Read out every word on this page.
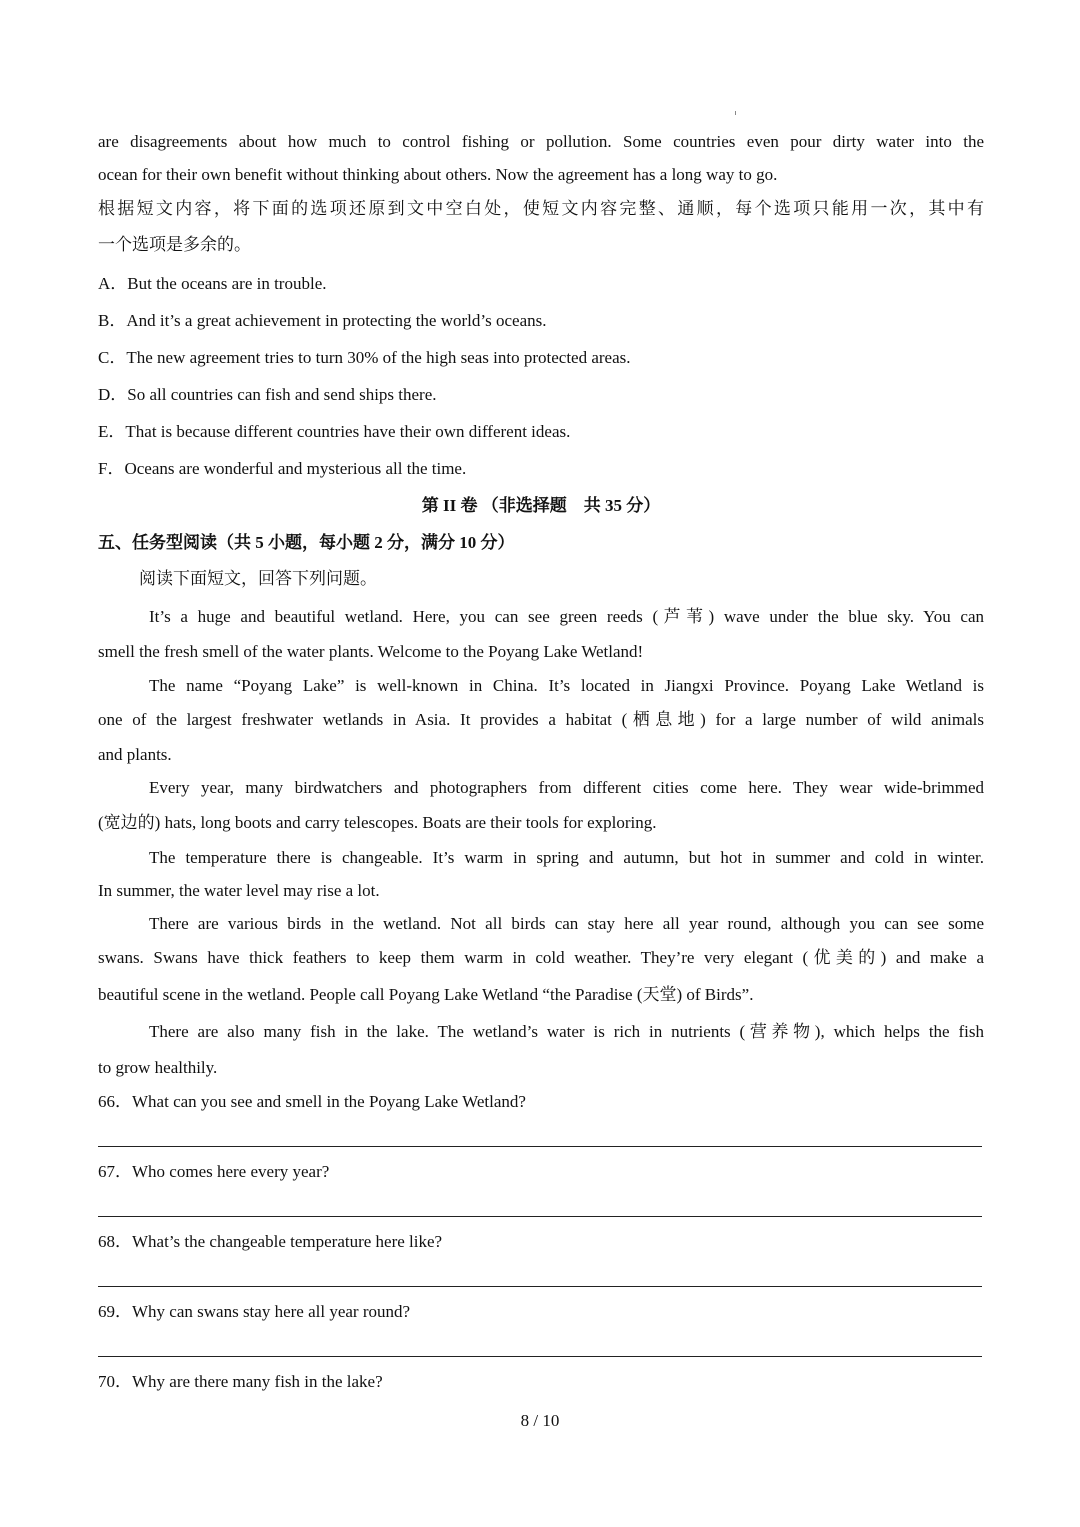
are disagreements about how much to control fishing or pollution. Some countries even pour dirty water into the
ocean for their own benefit without thinking about others. Now the agreement has a long way to go.
根据短文内容，将下面的选项还原到文中空白处，使短文内容完整、通顺，每个选项只能用一次，其中有
一个选项是多余的。
A．But the oceans are in trouble.
B．And it’s a great achievement in protecting the world’s oceans.
C．The new agreement tries to turn 30% of the high seas into protected areas.
D．So all countries can fish and send ships there.
E．That is because different countries have their own different ideas.
F．Oceans are wonderful and mysterious all the time.
第 II 卷 （非选择题　共 35 分）
五、任务型阅读（共 5 小题，每小题 2 分，满分 10 分）
阅读下面短文，回答下列问题。
It’s a huge and beautiful wetland. Here, you can see green reeds (芦苇) wave under the blue sky. You can
smell the fresh smell of the water plants. Welcome to the Poyang Lake Wetland!
The name “Poyang Lake” is well-known in China. It’s located in Jiangxi Province. Poyang Lake Wetland is
one of the largest freshwater wetlands in Asia. It provides a habitat (栖息地) for a large number of wild animals
and plants.
Every year, many birdwatchers and photographers from different cities come here. They wear wide-brimmed
(宽边的) hats, long boots and carry telescopes. Boats are their tools for exploring.
The temperature there is changeable. It’s warm in spring and autumn, but hot in summer and cold in winter.
In summer, the water level may rise a lot.
There are various birds in the wetland. Not all birds can stay here all year round, although you can see some
swans. Swans have thick feathers to keep them warm in cold weather. They’re very elegant (优美的) and make a
beautiful scene in the wetland. People call Poyang Lake Wetland “the Paradise (天堂) of Birds”.
There are also many fish in the lake. The wetland’s water is rich in nutrients (营养物), which helps the fish
to grow healthily.
66．What can you see and smell in the Poyang Lake Wetland?
67．Who comes here every year?
68．What’s the changeable temperature here like?
69．Why can swans stay here all year round?
70．Why are there many fish in the lake?
8 / 10
